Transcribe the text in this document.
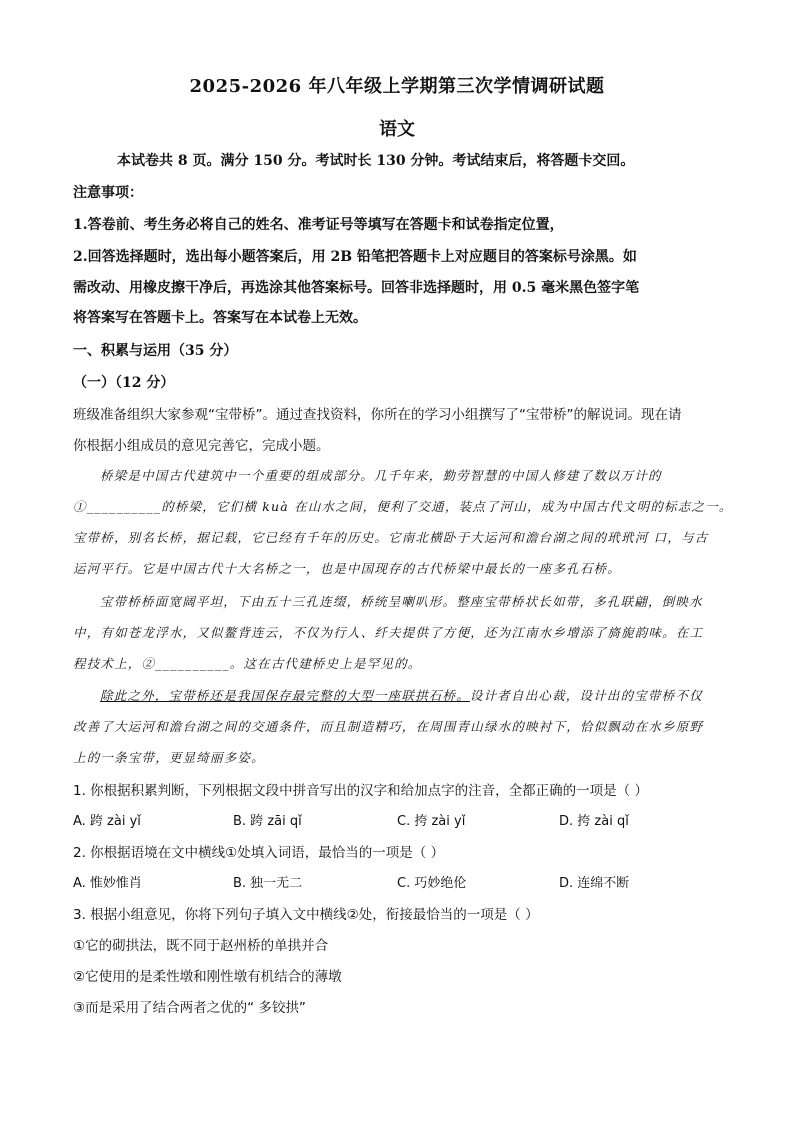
2025-2026 年八年级上学期第三次学情调研试题
语文
本试卷共 8 页。满分 150 分。考试时长 130 分钟。考试结束后，将答题卡交回。
注意事项：
1.答卷前、考生务必将自己的姓名、准考证号等填写在答题卡和试卷指定位置，
2.回答选择题时，选出每小题答案后，用 2B 铅笔把答题卡上对应题目的答案标号涂黑。如
需改动、用橡皮擦干净后，再选涂其他答案标号。回答非选择题时，用 0.5 毫米黑色签字笔
将答案写在答题卡上。答案写在本试卷上无效。
一、积累与运用（35 分）
（一）（12 分）
班级准备组织大家参观“宝带桥”。通过查找资料，你所在的学习小组撰写了“宝带桥”的解说词。现在请
你根据小组成员的意见完善它，完成小题。
桥梁是中国古代建筑中一个重要的组成部分。几千年来，勤劳智慧的中国人修建了数以万计的
①__________的桥梁，它们横 kuà 在山水之间，便利了交通，装点了河山，成为中国古代文明的标志之一。
宝带桥，别名长桥，据记载，它已经有千年的历史。它南北横卧于大运河和澹台湖之间的玳玳河 口，与古
运河平行。它是中国古代十大名桥之一，也是中国现存的古代桥梁中最长的一座多孔石桥。
宝带桥桥面宽阔平坦，下由五十三孔连缀，桥统呈喇叭形。整座宝带桥状长如带，多孔联翩，倒映水
中，有如苍龙浮水，又似鳌背连云，不仅为行人、纤夫提供了方便，还为江南水乡增添了旖旎韵味。在工
程技术上，②__________。这在古代建桥史上是罕见的。
除此之外，宝带桥还是我国保存最完整的大型一座联拱石桥。设计者自出心裁，设计出的宝带桥不仅
改善了大运河和澹台湖之间的交通条件，而且制造精巧，在周围青山绿水的映衬下，恰似飘动在水乡原野
上的一条宝带，更显绮丽多姿。
1. 你根据积累判断，下列根据文段中拼音写出的汉字和给加点字的注音，全都正确的一项是（ ）
A. 跨 zài yǐ	B. 跨 zāi qǐ	C. 挎 zài yǐ	D. 挎 zài qǐ
2. 你根据语境在文中横线①处填入词语，最恰当的一项是（ ）
A. 惟妙惟肖	B. 独一无二	C. 巧妙绝伦	D. 连绵不断
3. 根据小组意见，你将下列句子填入文中横线②处，衔接最恰当的一项是（ ）
①它的砌拱法，既不同于赵州桥的单拱并合
②它使用的是柔性墩和刚性墩有机结合的薄墩
③而是采用了结合两者之优的“ 多铰拱”
